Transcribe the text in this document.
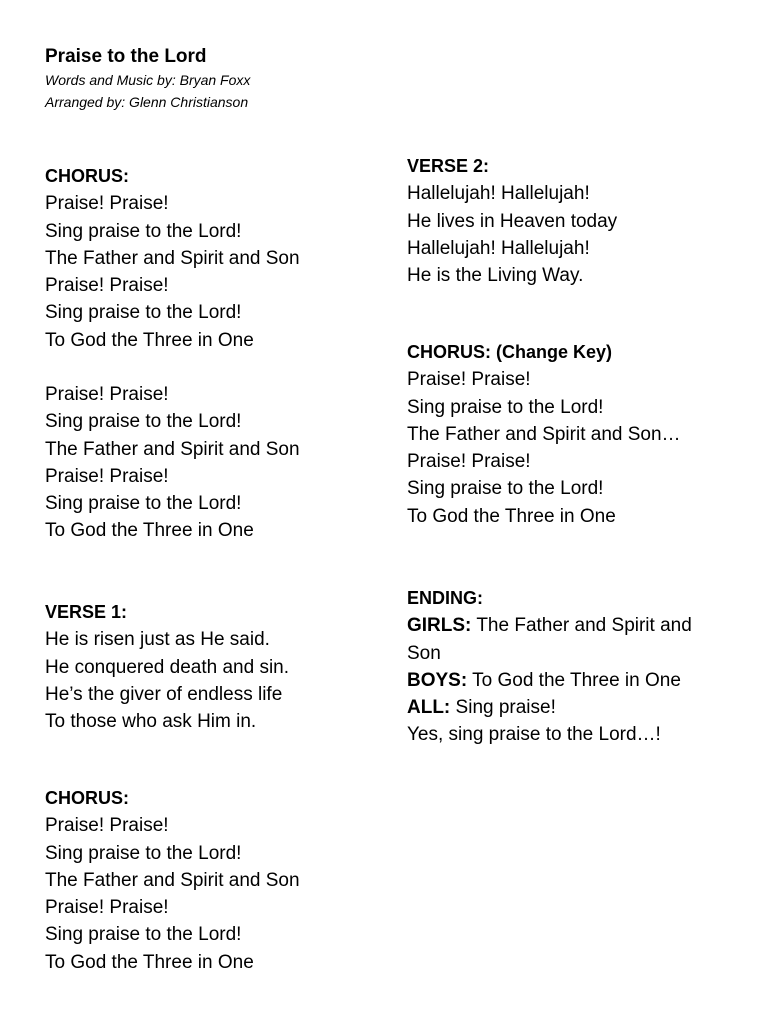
Praise to the Lord

Words and Music by: Bryan Foxx

Arranged by: Glenn Christianson

CHORUS:
Praise! Praise!
Sing praise to the Lord!
The Father and Spirit and Son
Praise! Praise!
Sing praise to the Lord!
To God the Three in One
Praise! Praise!
Sing praise to the Lord!
The Father and Spirit and Son
Praise! Praise!
Sing praise to the Lord!
To God the Three in One
VERSE 1:
He is risen just as He said.
He conquered death and sin.
He’s the giver of endless life
To those who ask Him in.
CHORUS:
Praise! Praise!
Sing praise to the Lord!
The Father and Spirit and Son
Praise! Praise!
Sing praise to the Lord!
To God the Three in One
VERSE 2:
Hallelujah! Hallelujah!
He lives in Heaven today
Hallelujah! Hallelujah!
He is the Living Way.
CHORUS: (Change Key)
Praise! Praise!
Sing praise to the Lord!
The Father and Spirit and Son…
Praise! Praise!
Sing praise to the Lord!
To God the Three in One
ENDING:
GIRLS: The Father and Spirit and Son
BOYS: To God the Three in One
ALL: Sing praise!
Yes, sing praise to the Lord…!
